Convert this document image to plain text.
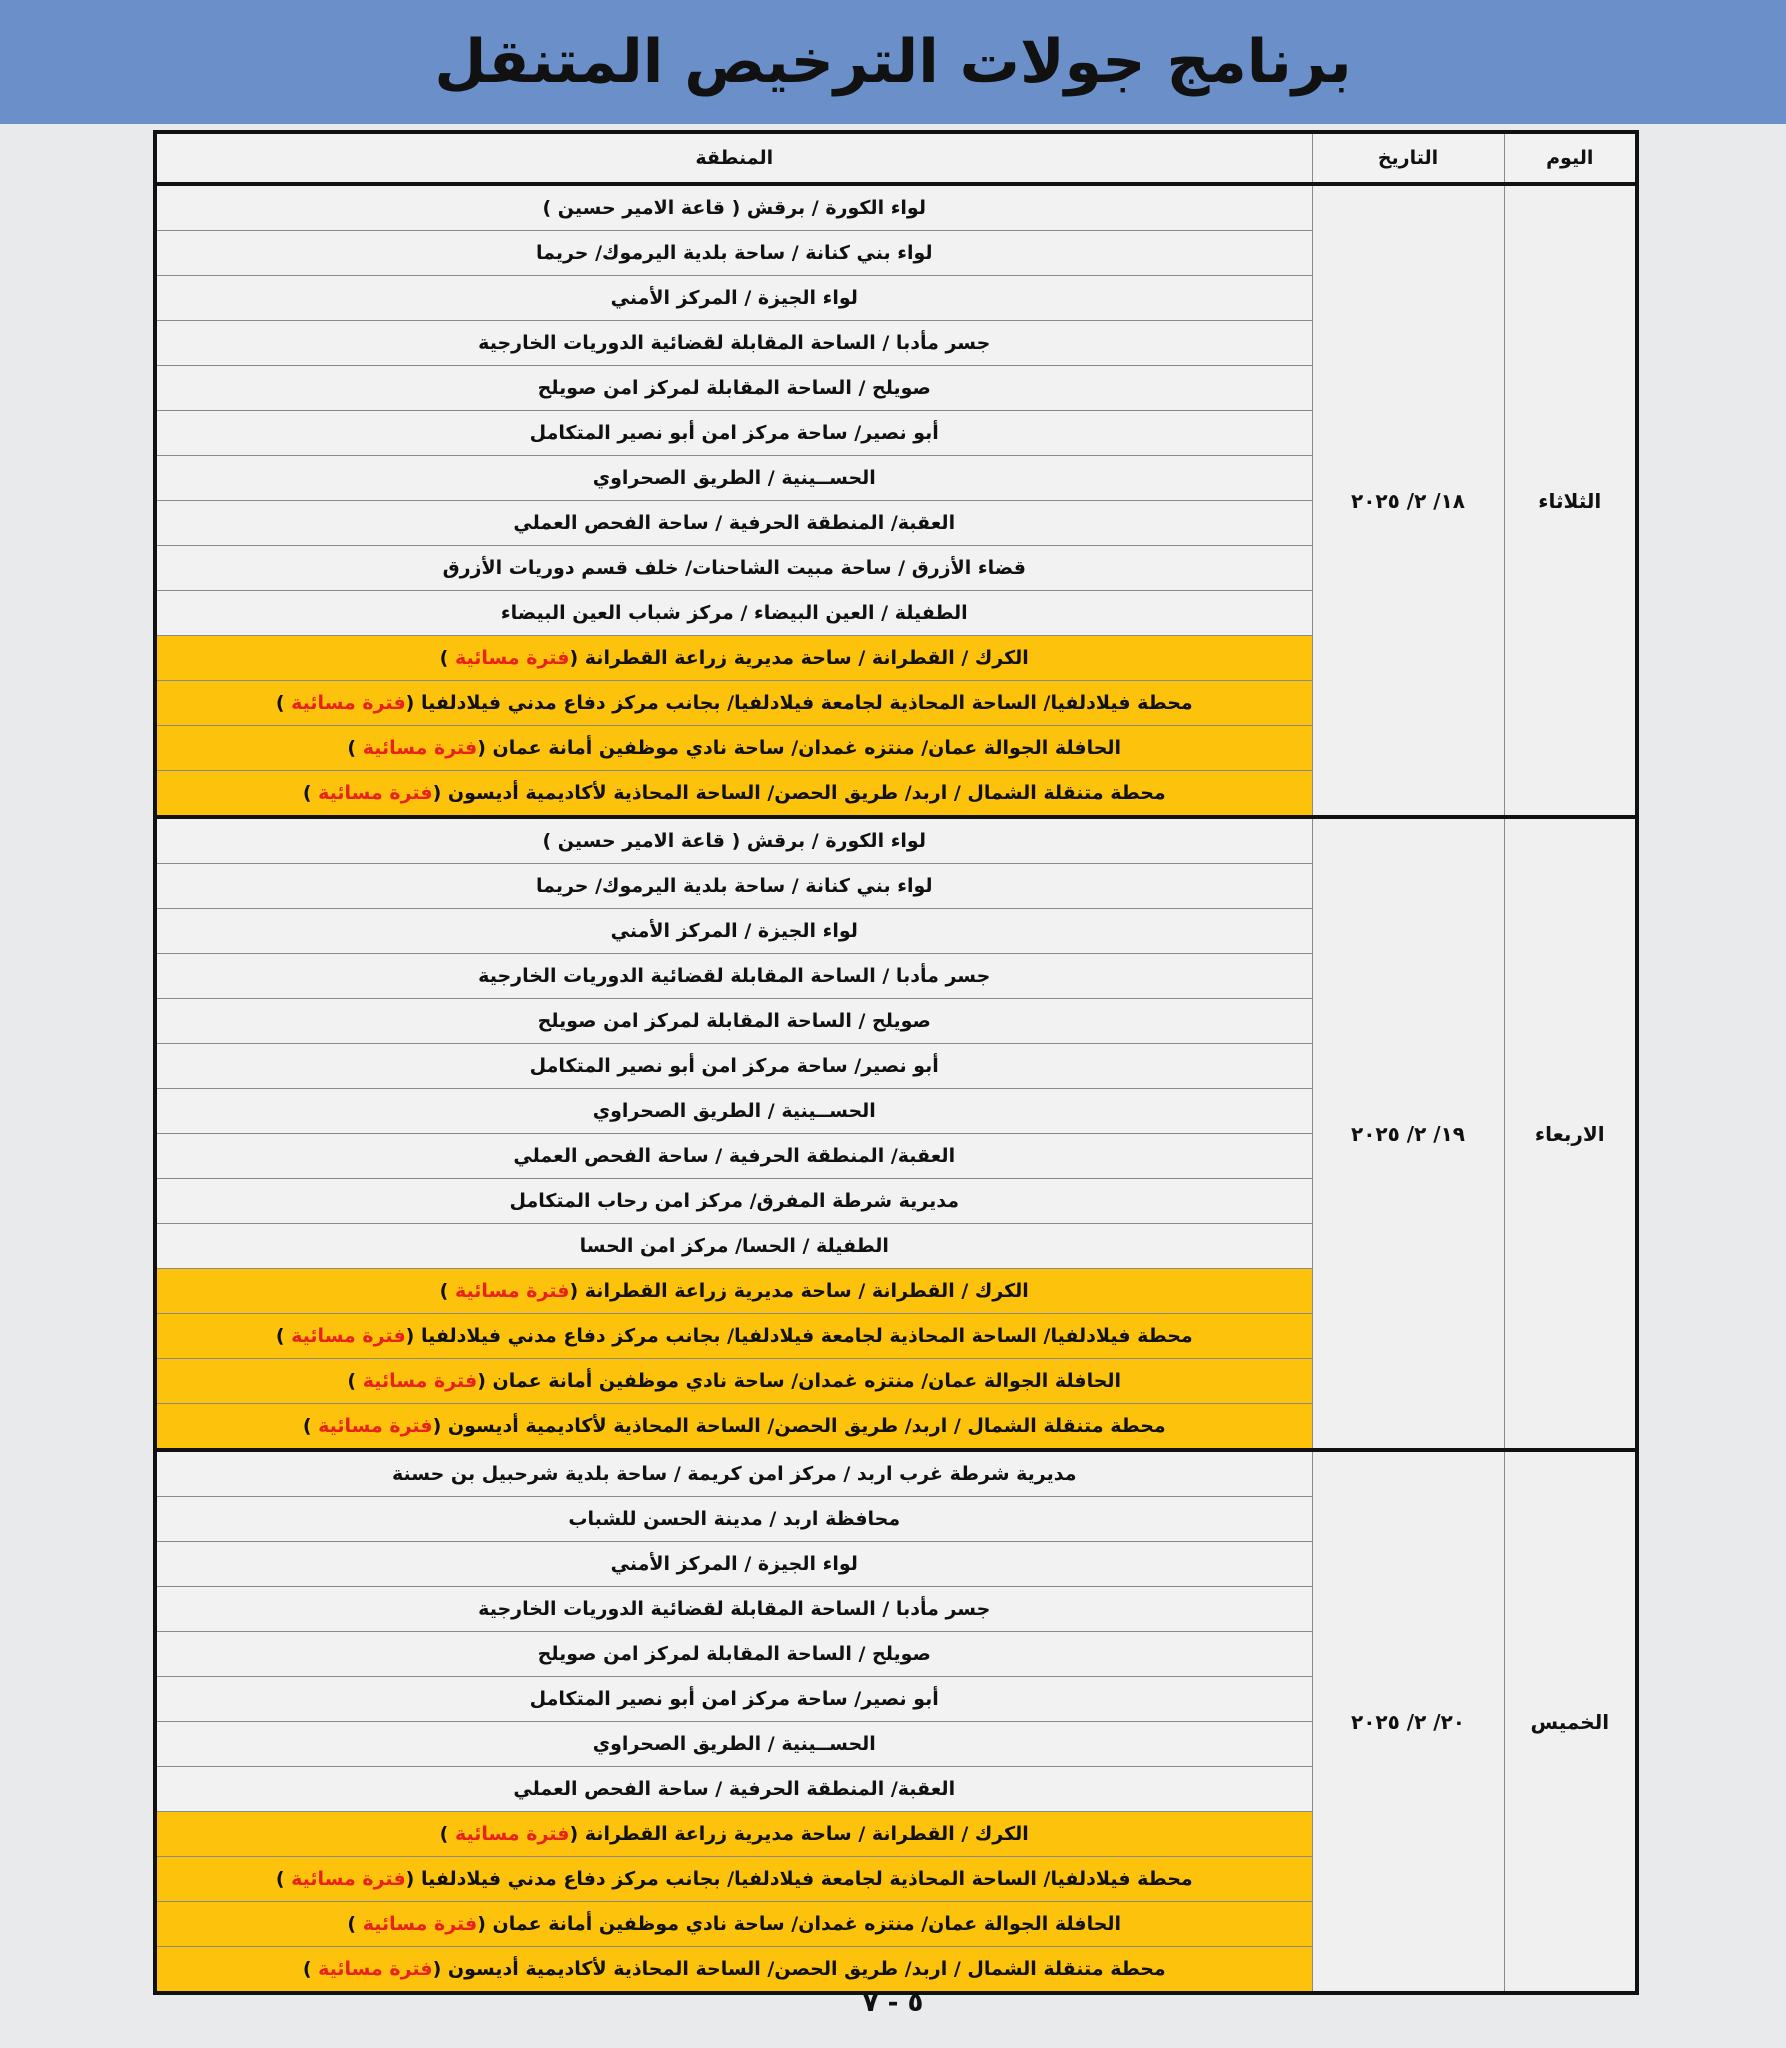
برنامج جولات الترخيص المتنقل
اليوم	التاريخ	المنطقة
الثلاثاء	١٨/ ٢/ ٢٠٢٥	لواء الكورة / برقش ( قاعة الامير حسين )
		لواء بني كنانة / ساحة بلدية اليرموك/ حريما
		لواء الجيزة / المركز الأمني
		جسر مأدبا / الساحة المقابلة لقضائية الدوريات الخارجية
		صويلح / الساحة المقابلة لمركز امن صويلح
		أبو نصير/ ساحة مركز امن أبو نصير المتكامل
		الحســينية / الطريق الصحراوي
		العقبة/ المنطقة الحرفية / ساحة الفحص العملي
		قضاء الأزرق / ساحة مبيت الشاحنات/ خلف قسم دوريات الأزرق
		الطفيلة / العين البيضاء / مركز شباب العين البيضاء
		الكرك / القطرانة / ساحة مديرية زراعة القطرانة (فترة مسائية )
		محطة فيلادلفيا/ الساحة المحاذية لجامعة فيلادلفيا/ بجانب مركز دفاع مدني فيلادلفيا (فترة مسائية )
		الحافلة الجوالة عمان/ منتزه غمدان/ ساحة نادي موظفين أمانة عمان (فترة مسائية )
		محطة متنقلة الشمال / اربد/ طريق الحصن/ الساحة المحاذية لأكاديمية أديسون (فترة مسائية )
الاربعاء	١٩/ ٢/ ٢٠٢٥	لواء الكورة / برقش ( قاعة الامير حسين )
		لواء بني كنانة / ساحة بلدية اليرموك/ حريما
		لواء الجيزة / المركز الأمني
		جسر مأدبا / الساحة المقابلة لقضائية الدوريات الخارجية
		صويلح / الساحة المقابلة لمركز امن صويلح
		أبو نصير/ ساحة مركز امن أبو نصير المتكامل
		الحســينية / الطريق الصحراوي
		العقبة/ المنطقة الحرفية / ساحة الفحص العملي
		مديرية شرطة المفرق/ مركز امن رحاب المتكامل
		الطفيلة / الحسا/ مركز امن الحسا
		الكرك / القطرانة / ساحة مديرية زراعة القطرانة (فترة مسائية )
		محطة فيلادلفيا/ الساحة المحاذية لجامعة فيلادلفيا/ بجانب مركز دفاع مدني فيلادلفيا (فترة مسائية )
		الحافلة الجوالة عمان/ منتزه غمدان/ ساحة نادي موظفين أمانة عمان (فترة مسائية )
		محطة متنقلة الشمال / اربد/ طريق الحصن/ الساحة المحاذية لأكاديمية أديسون (فترة مسائية )
الخميس	٢٠/ ٢/ ٢٠٢٥	مديرية شرطة غرب اربد / مركز امن كريمة / ساحة بلدية شرحبيل بن حسنة
		محافظة اربد / مدينة الحسن للشباب
		لواء الجيزة / المركز الأمني
		جسر مأدبا / الساحة المقابلة لقضائية الدوريات الخارجية
		صويلح / الساحة المقابلة لمركز امن صويلح
		أبو نصير/ ساحة مركز امن أبو نصير المتكامل
		الحســينية / الطريق الصحراوي
		العقبة/ المنطقة الحرفية / ساحة الفحص العملي
		الكرك / القطرانة / ساحة مديرية زراعة القطرانة (فترة مسائية )
		محطة فيلادلفيا/ الساحة المحاذية لجامعة فيلادلفيا/ بجانب مركز دفاع مدني فيلادلفيا (فترة مسائية )
		الحافلة الجوالة عمان/ منتزه غمدان/ ساحة نادي موظفين أمانة عمان (فترة مسائية )
		محطة متنقلة الشمال / اربد/ طريق الحصن/ الساحة المحاذية لأكاديمية أديسون (فترة مسائية )
٥ - ٧
